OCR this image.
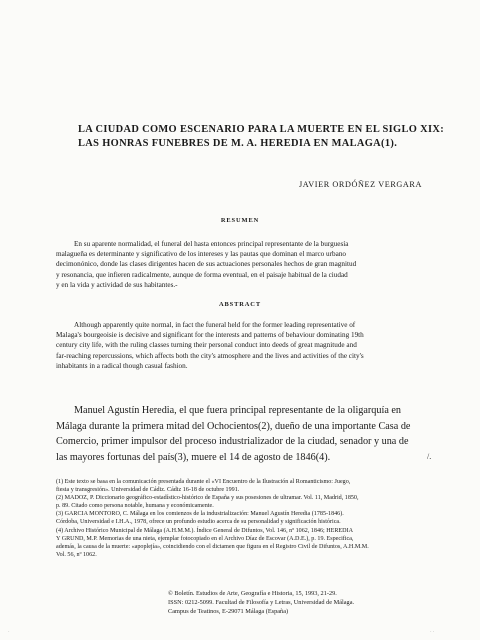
LA CIUDAD COMO ESCENARIO PARA LA MUERTE EN EL SIGLO XIX:
LAS HONRAS FUNEBRES DE M. A. HEREDIA EN MALAGA(1).

JAVIER ORDÓÑEZ VERGARA

RESUMEN

En su aparente normalidad, el funeral del hasta entonces principal representante de la burguesía
malagueña es determinante y significativo de los intereses y las pautas que dominan el marco urbano
decimonónico, donde las clases dirigentes hacen de sus actuaciones personales hechos de gran magnitud
y resonancia, que infieren radicalmente, aunque de forma eventual, en el paisaje habitual de la ciudad
y en la vida y actividad de sus habitantes.-

ABSTRACT

Although apparently quite normal, in fact the funeral held for the former leading representative of
Malaga's bourgeoisie is decisive and significant for the interests and patterns of behaviour dominating 19th
century city life, with the ruling classes turning their personal conduct into deeds of great magnitude and
far-reaching repercussions, which affects both the city's atmosphere and the lives and activities of the city's
inhabitants in a radical though casual fashion.

Manuel Agustín Heredia, el que fuera principal representante de la oligarquía en
Málaga durante la primera mitad del Ochocientos(2), dueño de una importante Casa de
Comercio, primer impulsor del proceso industrializador de la ciudad, senador y una de
las mayores fortunas del país(3), muere el 14 de agosto de 1846(4).	/.

(1) Este texto se basa en la comunicación presentada durante el «VI Encuentro de la Ilustración al Romanticismo: Juego,
fiesta y transgresión». Universidad de Cádiz. Cádiz 16-18 de octubre 1991.

(2) MADOZ, P. Diccionario geográfico-estadístico-histórico de España y sus posesiones de ultramar. Vol. 11, Madrid, 1850,
p. 89. Citado como persona notable, humana y económicamente.

(3) GARCIA MONTORO, C. Málaga en los comienzos de la industrialización: Manuel Agustín Heredia (1785-1846).
Córdoba, Universidad e I.H.A., 1978, ofrece un profundo estudio acerca de su personalidad y significación histórica.

(4) Archivo Histórico Municipal de Málaga (A.H.M.M.). Índice General de Difuntos, Vol. 146, nº 1062, 1846; HEREDIA
Y GRUND, M.P. Memorias de una nieta, ejemplar fotocopiado en el Archivo Díaz de Escovar (A.D.E.), p. 19. Especifica,
además, la causa de la muerte: «apoplejía», coincidiendo con el dictamen que figura en el Registro Civil de Difuntos, A.H.M.M.
Vol. 56, nº 1062.

© Boletín. Estudios de Arte, Geografía e Historia, 15, 1993, 21-29.
ISSN: 0212-5099. Facultad de Filosofía y Letras, Universidad de Málaga.
Campus de Teatinos, E-29071 Málaga (España)
·	· ·
